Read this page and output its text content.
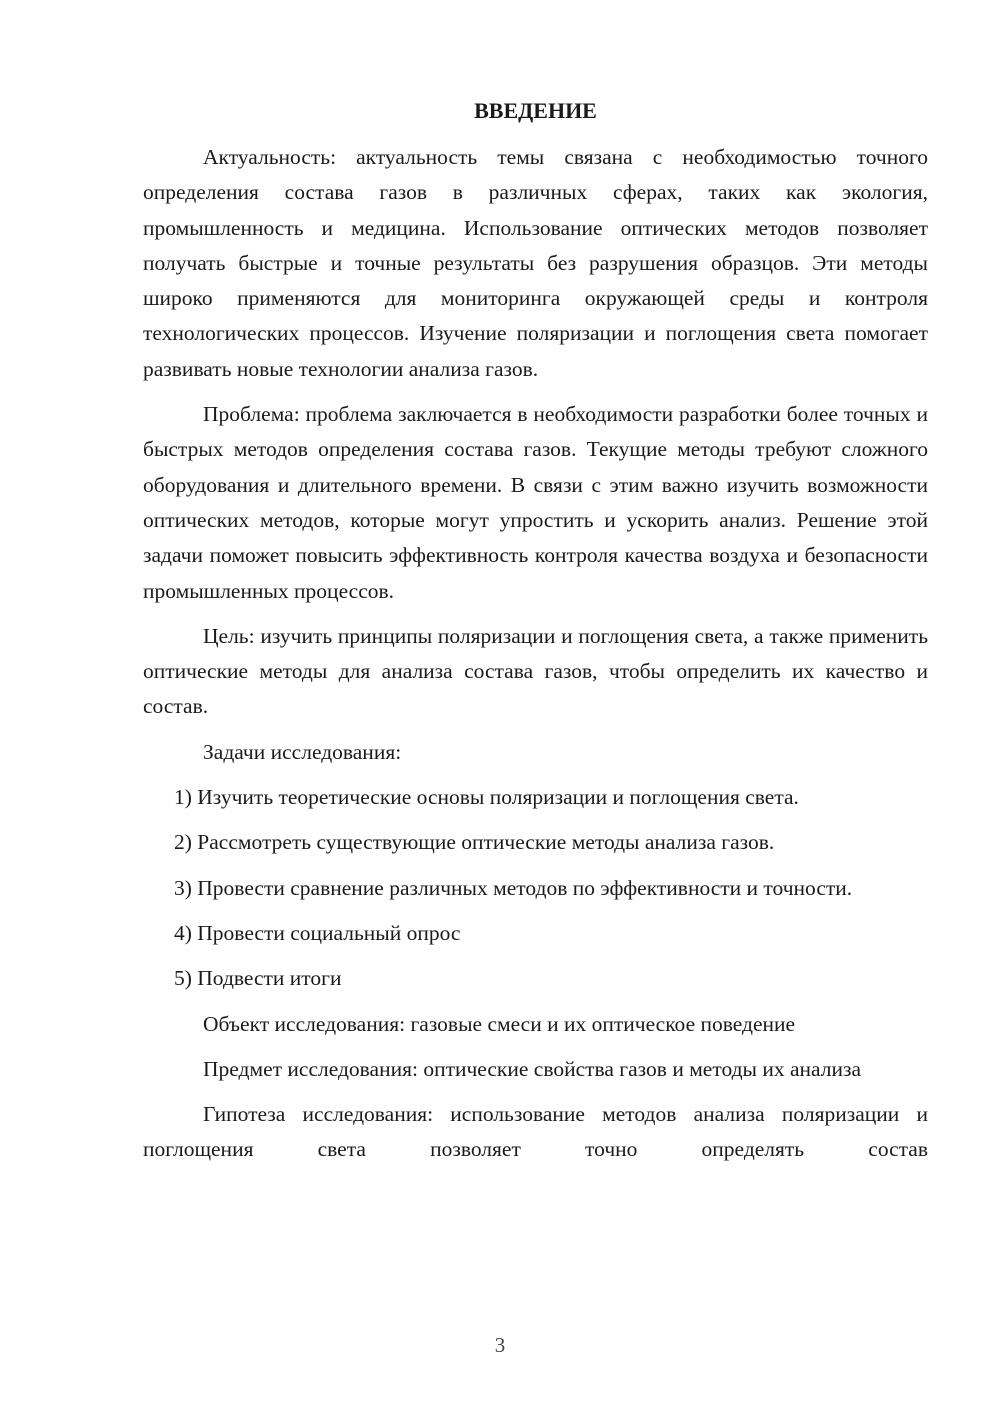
ВВЕДЕНИЕ

Актуальность: актуальность темы связана с необходимостью точного определения состава газов в различных сферах, таких как экология, промышленность и медицина. Использование оптических методов позволяет получать быстрые и точные результаты без разрушения образцов. Эти методы широко применяются для мониторинга окружающей среды и контроля технологических процессов. Изучение поляризации и поглощения света помогает развивать новые технологии анализа газов.

Проблема: проблема заключается в необходимости разработки более точных и быстрых методов определения состава газов. Текущие методы требуют сложного оборудования и длительного времени. В связи с этим важно изучить возможности оптических методов, которые могут упростить и ускорить анализ. Решение этой задачи поможет повысить эффективность контроля качества воздуха и безопасности промышленных процессов.

Цель: изучить принципы поляризации и поглощения света, а также применить оптические методы для анализа состава газов, чтобы определить их качество и состав.

Задачи исследования:

1) Изучить теоретические основы поляризации и поглощения света.

2) Рассмотреть существующие оптические методы анализа газов.

3) Провести сравнение различных методов по эффективности и точности.

4) Провести социальный опрос

5) Подвести итоги

Объект исследования: газовые смеси и их оптическое поведение

Предмет исследования: оптические свойства газов и методы их анализа

Гипотеза исследования: использование методов анализа поляризации и поглощения света позволяет точно определять состав

3
